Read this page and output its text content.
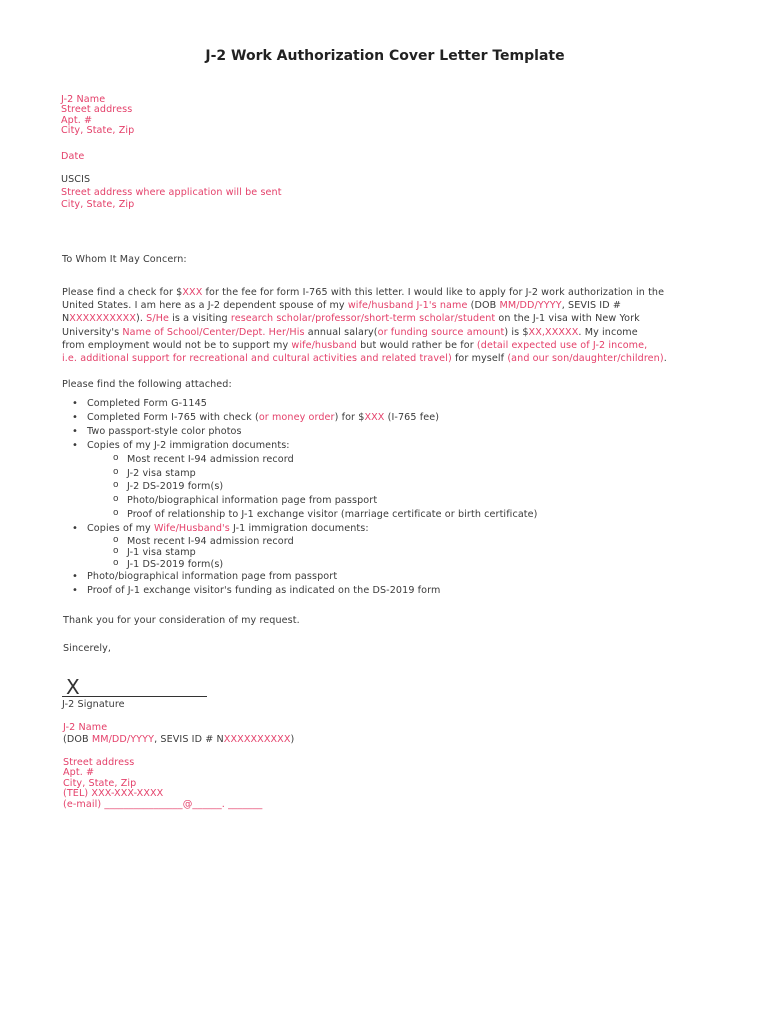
J-2 Work Authorization Cover Letter Template
J-2 Name
Street address
Apt. #
City, State, Zip
Date
USCIS
Street address where application will be sent
City, State, Zip
To Whom It May Concern:
Please find a check for $XXX for the fee for form I-765 with this letter. I would like to apply for J-2 work authorization in the
United States. I am here as a J-2 dependent spouse of my wife/husband J-1's name (DOB MM/DD/YYYY, SEVIS ID #
NXXXXXXXXXX). S/He is a visiting research scholar/professor/short-term scholar/student on the J-1 visa with New York
University's Name of School/Center/Dept. Her/His annual salary(or funding source amount) is $XX,XXXXX. My income
from employment would not be to support my wife/husband but would rather be for (detail expected use of J-2 income,
i.e. additional support for recreational and cultural activities and related travel) for myself (and our son/daughter/children).
Please find the following attached:
• Completed Form G-1145
• Completed Form I-765 with check (or money order) for $XXX (I-765 fee)
• Two passport-style color photos
• Copies of my J-2 immigration documents:
o Most recent I-94 admission record
o J-2 visa stamp
o J-2 DS-2019 form(s)
o Photo/biographical information page from passport
o Proof of relationship to J-1 exchange visitor (marriage certificate or birth certificate)
• Copies of my Wife/Husband's J-1 immigration documents:
o Most recent I-94 admission record
o J-1 visa stamp
o J-1 DS-2019 form(s)
• Photo/biographical information page from passport
• Proof of J-1 exchange visitor's funding as indicated on the DS-2019 form
Thank you for your consideration of my request.
Sincerely,
X
J-2 Signature
J-2 Name
(DOB MM/DD/YYYY, SEVIS ID # NXXXXXXXXXX)
Street address
Apt. #
City, State, Zip
(TEL) XXX-XXX-XXXX
(e-mail) ________________@______. _______
